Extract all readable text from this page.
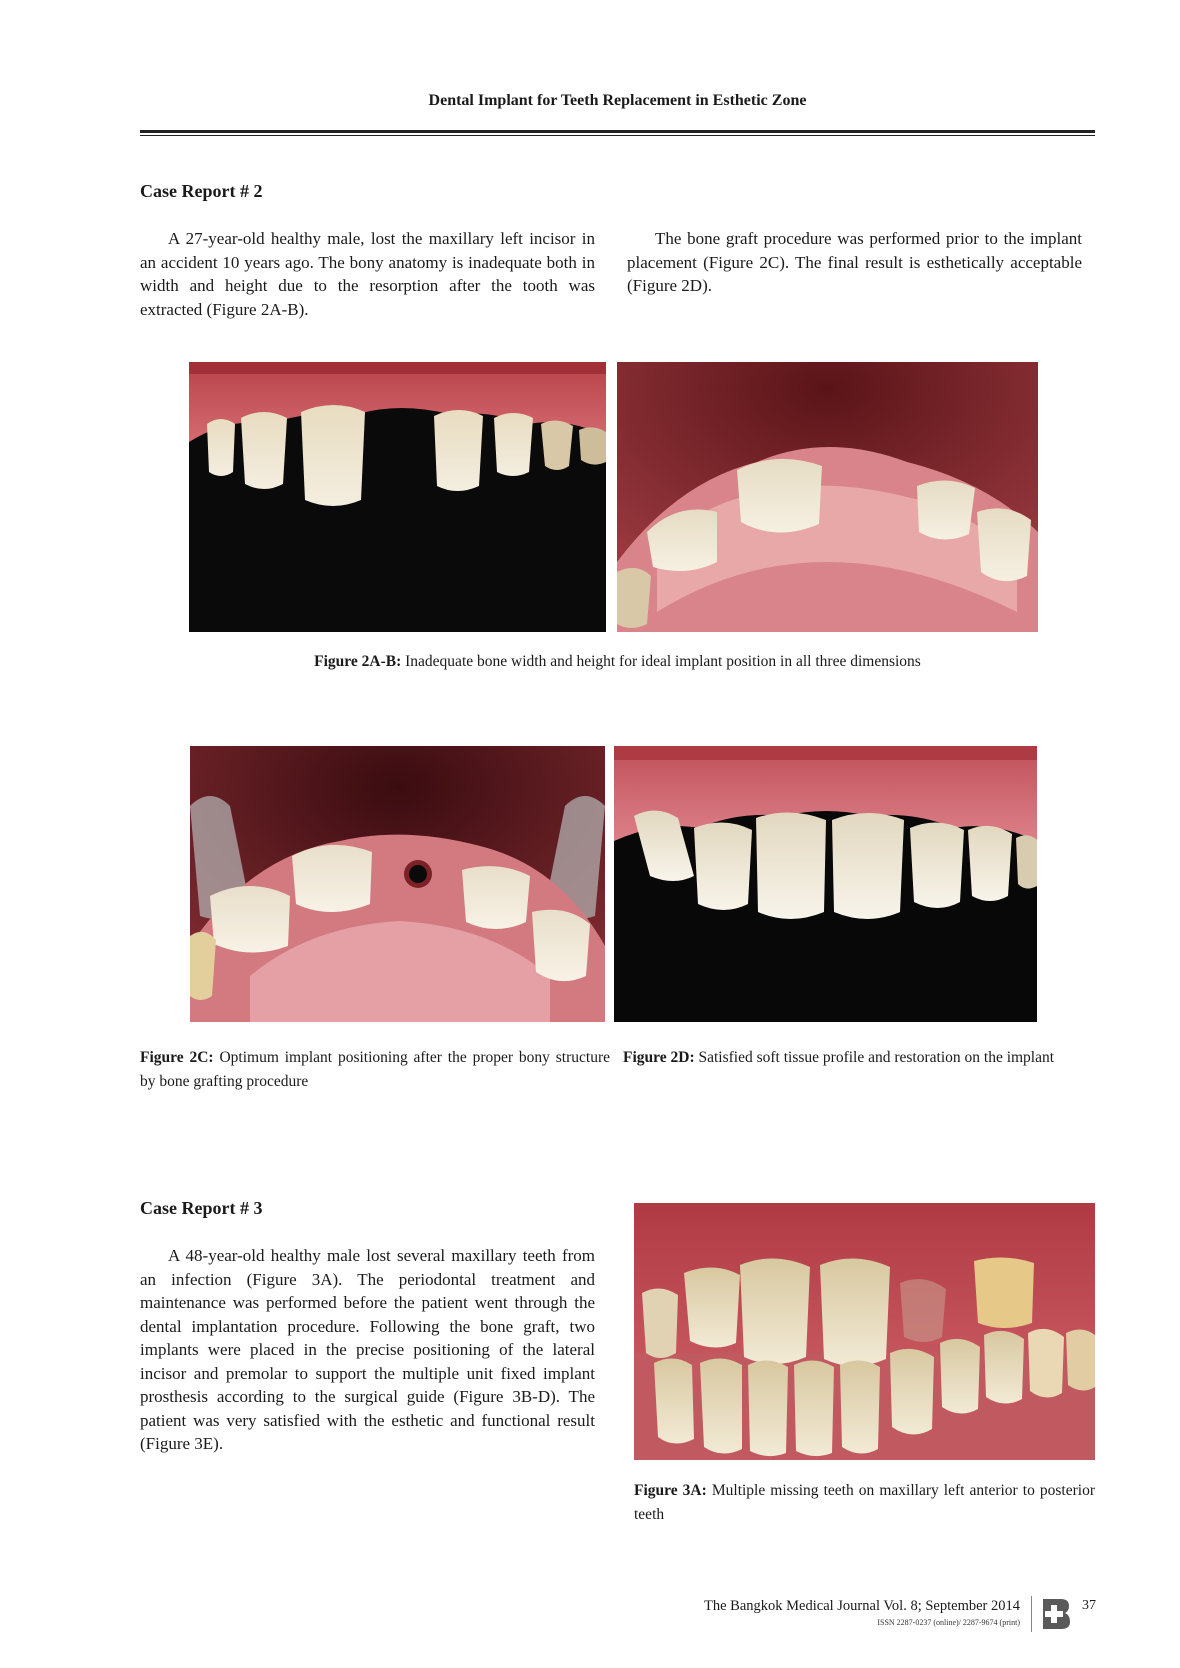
Dental Implant for Teeth Replacement in Esthetic Zone
Case Report # 2

A 27-year-old healthy male, lost the maxillary left incisor in an accident 10 years ago. The bony anatomy is inadequate both in width and height due to the resorption after the tooth was extracted (Figure 2A-B).

The bone graft procedure was performed prior to the implant placement (Figure 2C). The final result is esthetically acceptable (Figure 2D).

Figure 2A-B: Inadequate bone width and height for ideal implant position in all three dimensions

Figure 2C: Optimum implant positioning after the proper bony structure by bone grafting procedure

Figure 2D: Satisfied soft tissue profile and restoration on the implant

Case Report # 3

A 48-year-old healthy male lost several maxillary teeth from an infection (Figure 3A). The periodontal treatment and maintenance was performed before the patient went through the dental implantation procedure. Following the bone graft, two implants were placed in the precise positioning of the lateral incisor and premolar to support the multiple unit fixed implant prosthesis according to the surgical guide (Figure 3B-D). The patient was very satisfied with the esthetic and functional result (Figure 3E).

Figure 3A: Multiple missing teeth on maxillary left anterior to posterior teeth

The Bangkok Medical Journal Vol. 8; September 2014
ISSN 2287-0237 (online)/ 2287-9674 (print)
37
